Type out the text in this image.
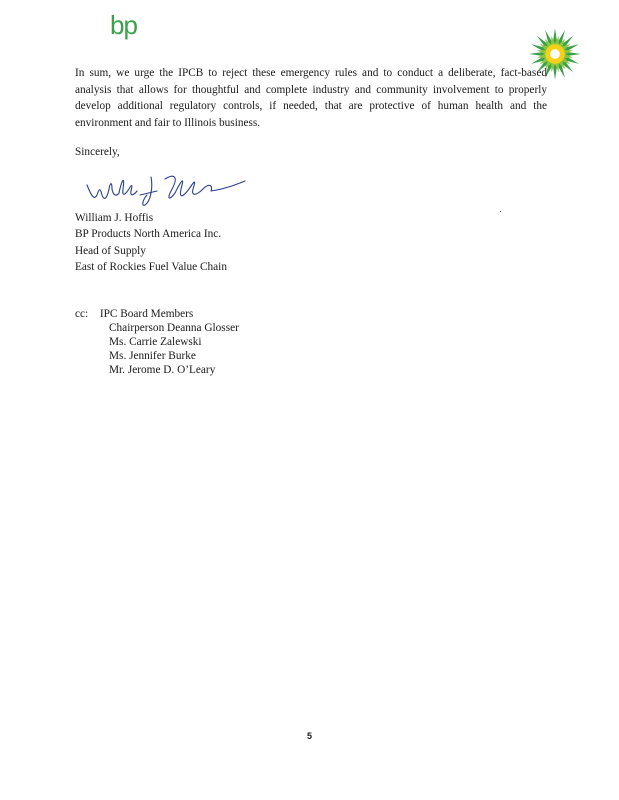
bp
In sum, we urge the IPCB to reject these emergency rules and to conduct a deliberate, fact-based analysis that allows for thoughtful and complete industry and community involvement to properly develop additional regulatory controls, if needed, that are protective of human health and the environment and fair to Illinois business.
Sincerely,
William J. Hoffis
BP Products North America Inc.
Head of Supply
East of Rockies Fuel Value Chain
cc: IPC Board Members
Chairperson Deanna Glosser
Ms. Carrie Zalewski
Ms. Jennifer Burke
Mr. Jerome D. O’Leary
5
